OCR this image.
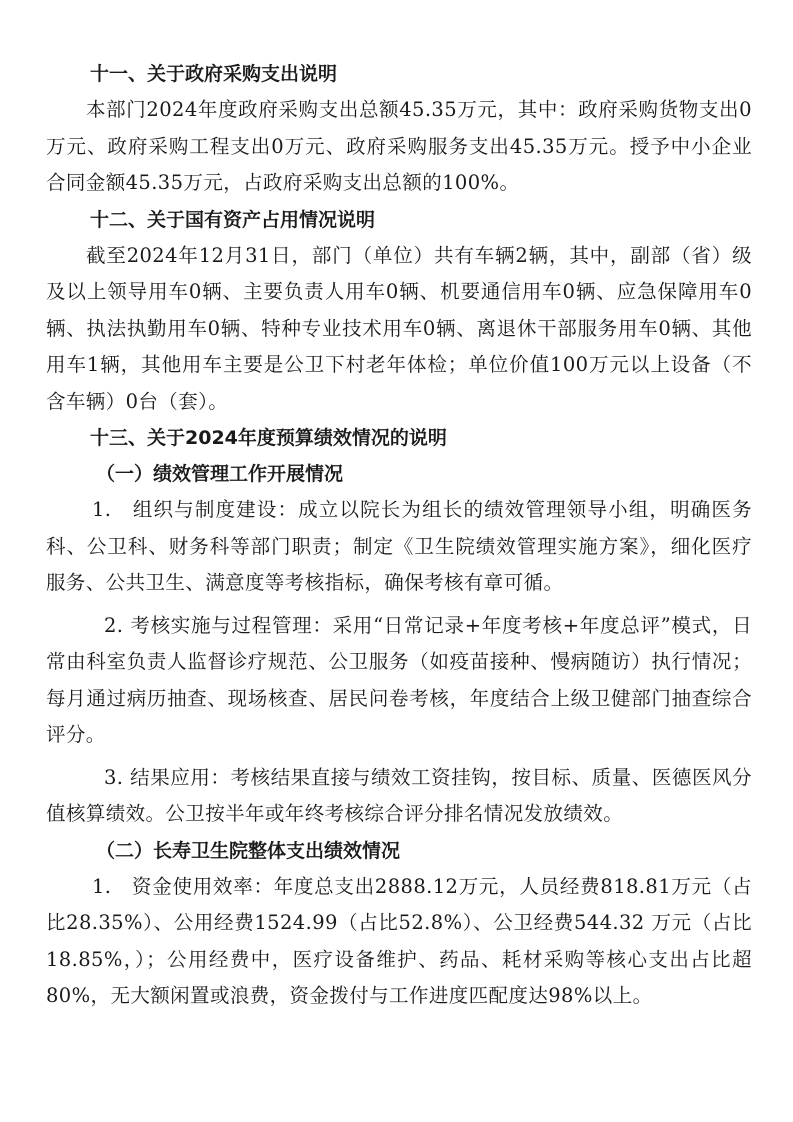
十一、关于政府采购支出说明

本部门2024年度政府采购支出总额45.35万元，其中：政府采购货物支出0万元、政府采购工程支出0万元、政府采购服务支出45.35万元。授予中小企业合同金额45.35万元，占政府采购支出总额的100%。

十二、关于国有资产占用情况说明

截至2024年12月31日，部门（单位）共有车辆2辆，其中，副部（省）级及以上领导用车0辆、主要负责人用车0辆、机要通信用车0辆、应急保障用车0辆、执法执勤用车0辆、特种专业技术用车0辆、离退休干部服务用车0辆、其他用车1辆，其他用车主要是公卫下村老年体检；单位价值100万元以上设备（不含车辆）0台（套）。

十三、关于2024年度预算绩效情况的说明

（一）绩效管理工作开展情况

1.　组织与制度建设：成立以院长为组长的绩效管理领导小组，明确医务科、公卫科、财务科等部门职责；制定《卫生院绩效管理实施方案》，细化医疗服务、公共卫生、满意度等考核指标，确保考核有章可循。

2. 考核实施与过程管理：采用“日常记录+年度考核+年度总评”模式，日常由科室负责人监督诊疗规范、公卫服务（如疫苗接种、慢病随访）执行情况；每月通过病历抽查、现场核查、居民问卷考核，年度结合上级卫健部门抽查综合评分。

3. 结果应用：考核结果直接与绩效工资挂钩，按目标、质量、医德医风分值核算绩效。公卫按半年或年终考核综合评分排名情况发放绩效。

（二）长寿卫生院整体支出绩效情况

1.　资金使用效率：年度总支出2888.12万元，人员经费818.81万元（占比28.35%）、公用经费1524.99（占比52.8%）、公卫经费544.32 万元（占比18.85%，）；公用经费中，医疗设备维护、药品、耗材采购等核心支出占比超80%，无大额闲置或浪费，资金拨付与工作进度匹配度达98%以上。
